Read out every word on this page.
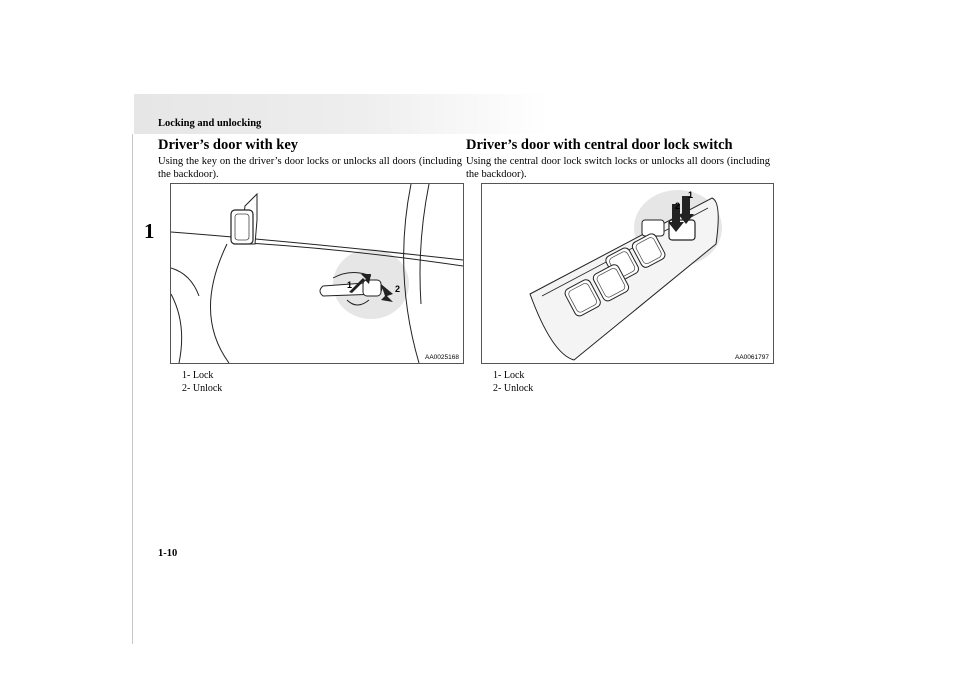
Locking and unlocking
1
Driver’s door with key

Using the key on the driver’s door locks or unlocks all doors (including the backdoor).

1	2
AA0025168
1- Lock
2- Unlock
Driver’s door with central door lock switch

Using the central door lock switch locks or unlocks all doors (including the backdoor).

1
2
AA0061797
1- Lock
2- Unlock
1-10
